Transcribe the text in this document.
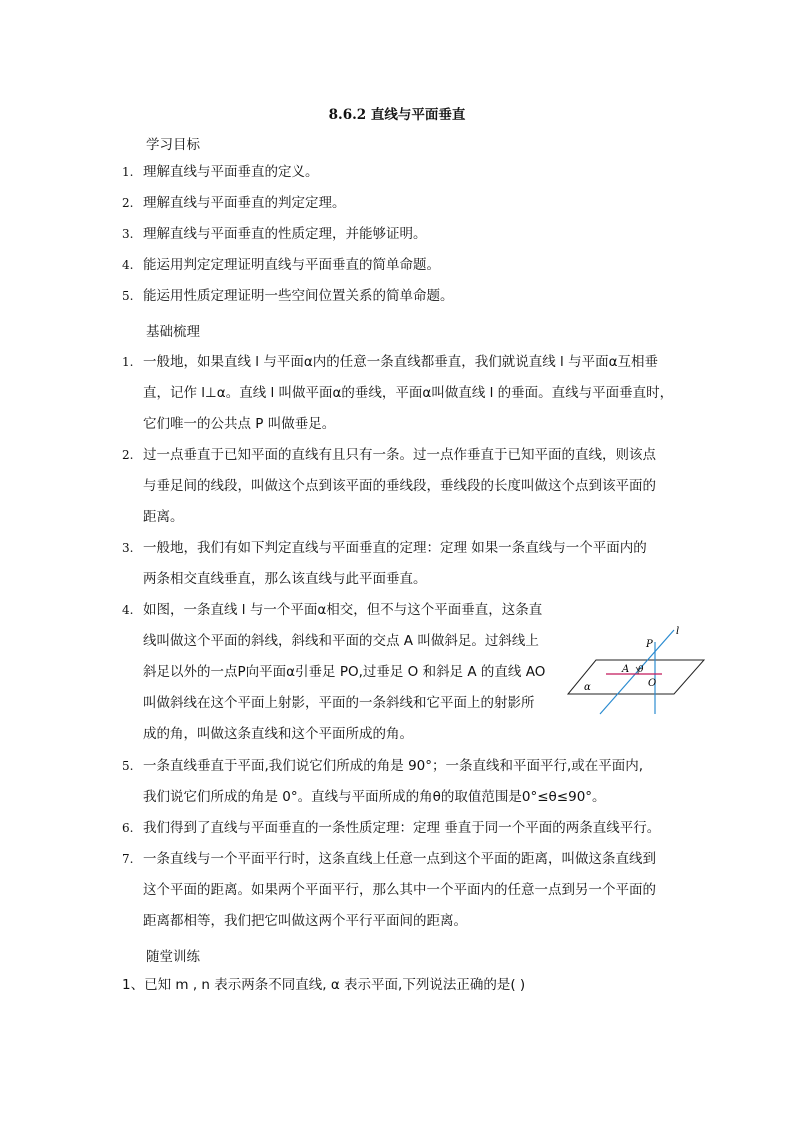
8.6.2 直线与平面垂直
学习目标
1. 理解直线与平面垂直的定义。
2. 理解直线与平面垂直的判定定理。
3. 理解直线与平面垂直的性质定理，并能够证明。
4. 能运用判定定理证明直线与平面垂直的简单命题。
5. 能运用性质定理证明一些空间位置关系的简单命题。
基础梳理
1. 一般地，如果直线 l 与平面α内的任意一条直线都垂直，我们就说直线 l 与平面α互相垂
直，记作 l⊥α。直线 l 叫做平面α的垂线，平面α叫做直线 l 的垂面。直线与平面垂直时，
它们唯一的公共点 P 叫做垂足。
2. 过一点垂直于已知平面的直线有且只有一条。过一点作垂直于已知平面的直线，则该点
与垂足间的线段，叫做这个点到该平面的垂线段，垂线段的长度叫做这个点到该平面的
距离。
3. 一般地，我们有如下判定直线与平面垂直的定理：定理 如果一条直线与一个平面内的
两条相交直线垂直，那么该直线与此平面垂直。
4. 如图，一条直线 l 与一个平面α相交，但不与这个平面垂直，这条直
线叫做这个平面的斜线，斜线和平面的交点 A 叫做斜足。过斜线上
斜足以外的一点P向平面α引垂足 PO,过垂足 O 和斜足 A 的直线 AO
叫做斜线在这个平面上射影，平面的一条斜线和它平面上的射影所
成的角，叫做这条直线和这个平面所成的角。
P
l
A θ
O
α
5. 一条直线垂直于平面,我们说它们所成的角是 90°；一条直线和平面平行,或在平面内,
我们说它们所成的角是 0°。直线与平面所成的角θ的取值范围是0°≤θ≤90°。
6. 我们得到了直线与平面垂直的一条性质定理：定理 垂直于同一个平面的两条直线平行。
7. 一条直线与一个平面平行时，这条直线上任意一点到这个平面的距离，叫做这条直线到
这个平面的距离。如果两个平面平行，那么其中一个平面内的任意一点到另一个平面的
距离都相等，我们把它叫做这两个平行平面间的距离。
随堂训练
1、已知 m , n 表示两条不同直线, α 表示平面,下列说法正确的是( )
